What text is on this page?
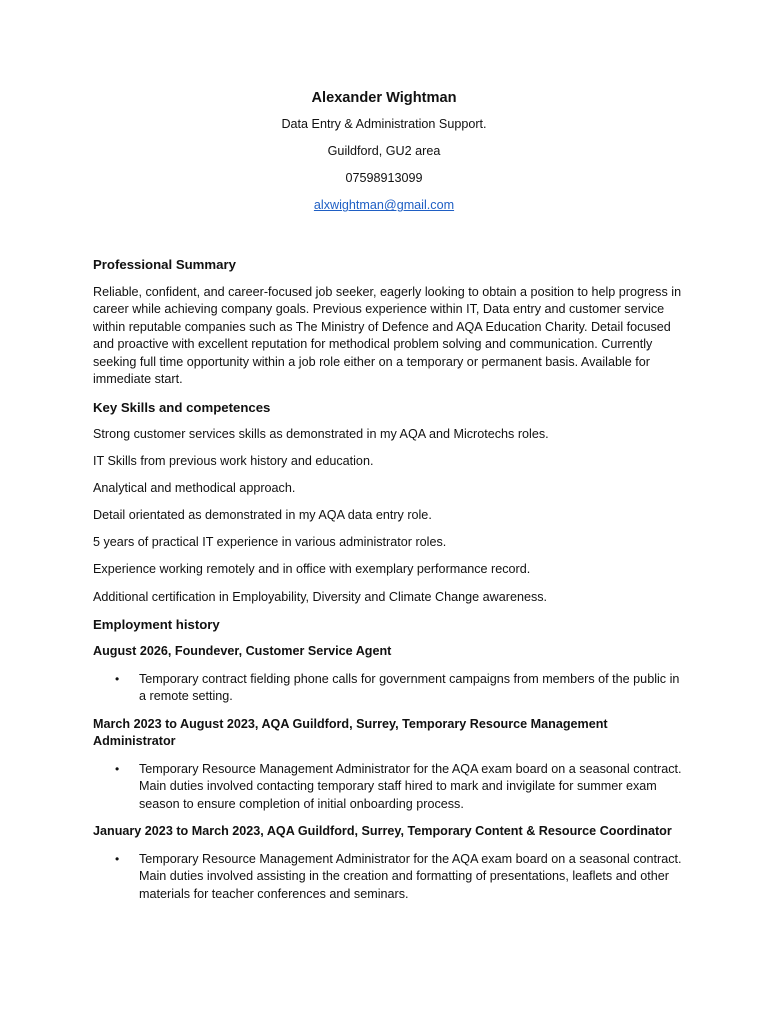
Alexander Wightman
Data Entry & Administration Support.
Guildford, GU2 area
07598913099
alxwightman@gmail.com
Professional Summary
Reliable, confident, and career-focused job seeker, eagerly looking to obtain a position to help progress in career while achieving company goals. Previous experience within IT, Data entry and customer service within reputable companies such as The Ministry of Defence and AQA Education Charity. Detail focused and proactive with excellent reputation for methodical problem solving and communication. Currently seeking full time opportunity within a job role either on a temporary or permanent basis. Available for immediate start.
Key Skills and competences
Strong customer services skills as demonstrated in my AQA and Microtechs roles.
IT Skills from previous work history and education.
Analytical and methodical approach.
Detail orientated as demonstrated in my AQA data entry role.
5 years of practical IT experience in various administrator roles.
Experience working remotely and in office with exemplary performance record.
Additional certification in Employability, Diversity and Climate Change awareness.
Employment history
August 2026, Foundever, Customer Service Agent
• Temporary contract fielding phone calls for government campaigns from members of the public in a remote setting.
March 2023 to August 2023, AQA Guildford, Surrey, Temporary Resource Management Administrator
• Temporary Resource Management Administrator for the AQA exam board on a seasonal contract. Main duties involved contacting temporary staff hired to mark and invigilate for summer exam season to ensure completion of initial onboarding process.
January 2023 to March 2023, AQA Guildford, Surrey, Temporary Content & Resource Coordinator
• Temporary Resource Management Administrator for the AQA exam board on a seasonal contract. Main duties involved assisting in the creation and formatting of presentations, leaflets and other materials for teacher conferences and seminars.
